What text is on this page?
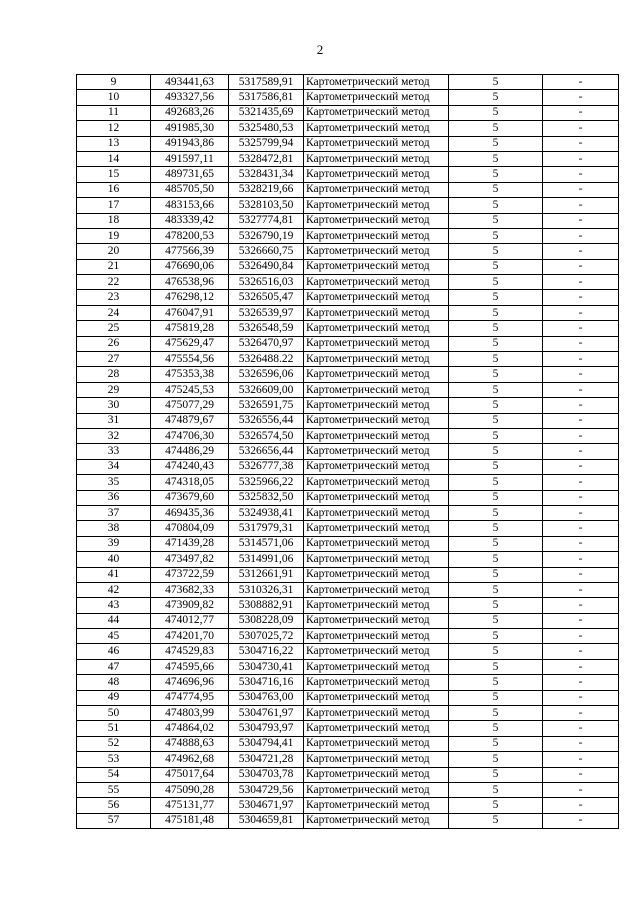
2
9	493441,63	5317589,91	Картометрический метод	5	-
10	493327,56	5317586,81	Картометрический метод	5	-
11	492683,26	5321435,69	Картометрический метод	5	-
12	491985,30	5325480,53	Картометрический метод	5	-
13	491943,86	5325799,94	Картометрический метод	5	-
14	491597,11	5328472,81	Картометрический метод	5	-
15	489731,65	5328431,34	Картометрический метод	5	-
16	485705,50	5328219,66	Картометрический метод	5	-
17	483153,66	5328103,50	Картометрический метод	5	-
18	483339,42	5327774,81	Картометрический метод	5	-
19	478200,53	5326790,19	Картометрический метод	5	-
20	477566,39	5326660,75	Картометрический метод	5	-
21	476690,06	5326490,84	Картометрический метод	5	-
22	476538,96	5326516,03	Картометрический метод	5	-
23	476298,12	5326505,47	Картометрический метод	5	-
24	476047,91	5326539,97	Картометрический метод	5	-
25	475819,28	5326548,59	Картометрический метод	5	-
26	475629,47	5326470,97	Картометрический метод	5	-
27	475554,56	5326488.22	Картометрический метод	5	-
28	475353,38	5326596,06	Картометрический метод	5	-
29	475245,53	5326609,00	Картометрический метод	5	-
30	475077,29	5326591,75	Картометрический метод	5	-
31	474879,67	5326556,44	Картометрический метод	5	-
32	474706,30	5326574,50	Картометрический метод	5	-
33	474486,29	5326656,44	Картометрический метод	5	-
34	474240,43	5326777,38	Картометрический метод	5	-
35	474318,05	5325966,22	Картометрический метод	5	-
36	473679,60	5325832,50	Картометрический метод	5	-
37	469435,36	5324938,41	Картометрический метод	5	-
38	470804,09	5317979,31	Картометрический метод	5	-
39	471439,28	5314571,06	Картометрический метод	5	-
40	473497,82	5314991,06	Картометрический метод	5	-
41	473722,59	5312661,91	Картометрический метод	5	-
42	473682,33	5310326,31	Картометрический метод	5	-
43	473909,82	5308882,91	Картометрический метод	5	-
44	474012,77	5308228,09	Картометрический метод	5	-
45	474201,70	5307025,72	Картометрический метод	5	-
46	474529,83	5304716,22	Картометрический метод	5	-
47	474595,66	5304730,41	Картометрический метод	5	-
48	474696,96	5304716,16	Картометрический метод	5	-
49	474774,95	5304763,00	Картометрический метод	5	-
50	474803,99	5304761,97	Картометрический метод	5	-
51	474864,02	5304793,97	Картометрический метод	5	-
52	474888,63	5304794,41	Картометрический метод	5	-
53	474962,68	5304721,28	Картометрический метод	5	-
54	475017,64	5304703,78	Картометрический метод	5	-
55	475090,28	5304729,56	Картометрический метод	5	-
56	475131,77	5304671,97	Картометрический метод	5	-
57	475181,48	5304659,81	Картометрический метод	5	-
